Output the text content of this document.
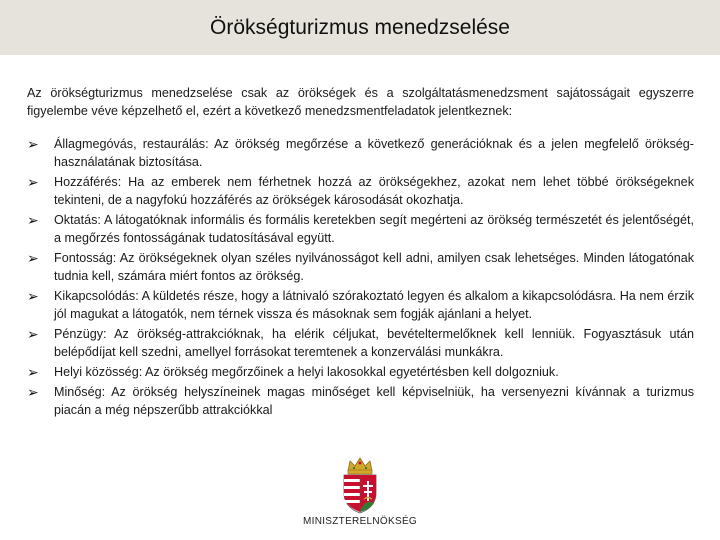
Örökségturizmus menedzselése

Az örökségturizmus menedzselése csak az örökségek és a szolgáltatásmenedzsment sajátosságait egyszerre figyelembe véve képzelhető el, ezért a következő menedzsmentfeladatok jelentkeznek:

➢	Állagmegóvás, restaurálás: Az örökség megőrzése a következő generációknak és a jelen megfelelő örökség-használatának biztosítása.
➢	Hozzáférés: Ha az emberek nem férhetnek hozzá az örökségekhez, azokat nem lehet többé örökségeknek tekinteni, de a nagyfokú hozzáférés az örökségek károsodását okozhatja.
➢	Oktatás: A látogatóknak informális és formális keretekben segít megérteni az örökség természetét és jelentőségét, a megőrzés fontosságának tudatosításával együtt.
➢	Fontosság: Az örökségeknek olyan széles nyilvánosságot kell adni, amilyen csak lehetséges. Minden látogatónak tudnia kell, számára miért fontos az örökség.
➢	Kikapcsolódás: A küldetés része, hogy a látnivaló szórakoztató legyen és alkalom a kikapcsolódásra. Ha nem érzik jól magukat a látogatók, nem térnek vissza és másoknak sem fogják ajánlani a helyet.
➢	Pénzügy: Az örökség-attrakcióknak, ha elérik céljukat, bevételtermelőknek kell lenniük. Fogyasztásuk után belépődíjat kell szedni, amellyel forrásokat teremtenek a konzervál​ási munkákra.
➢	Helyi közösség: Az örökség megőrzőinek a helyi lakosokkal egyetértésben kell dolgozniuk.
➢	Minőség: Az örökség helyszíneinek magas minőséget kell képviselniük, ha versenyezni kívánnak a turizmus piacán a még népszerűbb attrakciókkal
MINISZTERELNÖKSÉG
